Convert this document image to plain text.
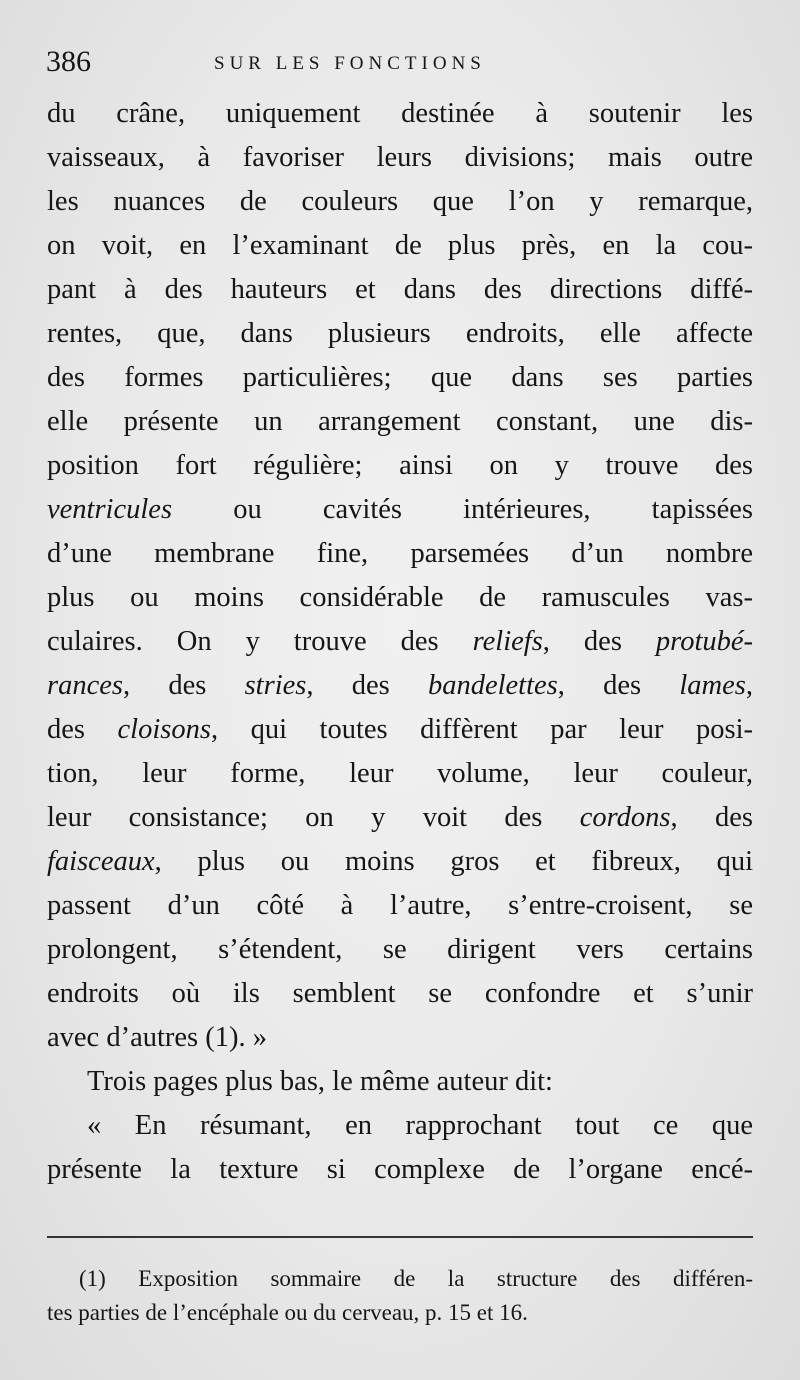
386	SUR LES FONCTIONS
du crâne, uniquement destinée à soutenir les
vaisseaux, à favoriser leurs divisions; mais outre
les nuances de couleurs que l’on y remarque,
on voit, en l’examinant de plus près, en la cou-
pant à des hauteurs et dans des directions diffé-
rentes, que, dans plusieurs endroits, elle affecte
des formes particulières; que dans ses parties
elle présente un arrangement constant, une dis-
position fort régulière; ainsi on y trouve des
ventricules ou cavités intérieures, tapissées
d’une membrane fine, parsemées d’un nombre
plus ou moins considérable de ramuscules vas-
culaires. On y trouve des reliefs, des protubé-
rances, des stries, des bandelettes, des lames,
des cloisons, qui toutes diffèrent par leur posi-
tion, leur forme, leur volume, leur couleur,
leur consistance; on y voit des cordons, des
faisceaux, plus ou moins gros et fibreux, qui
passent d’un côté à l’autre, s’entre-croisent, se
prolongent, s’étendent, se dirigent vers certains
endroits où ils semblent se confondre et s’unir
avec d’autres (1). »
Trois pages plus bas, le même auteur dit:
« En résumant, en rapprochant tout ce que
présente la texture si complexe de l’organe encé-
(1) Exposition sommaire de la structure des différen-
tes parties de l’encéphale ou du cerveau, p. 15 et 16.
